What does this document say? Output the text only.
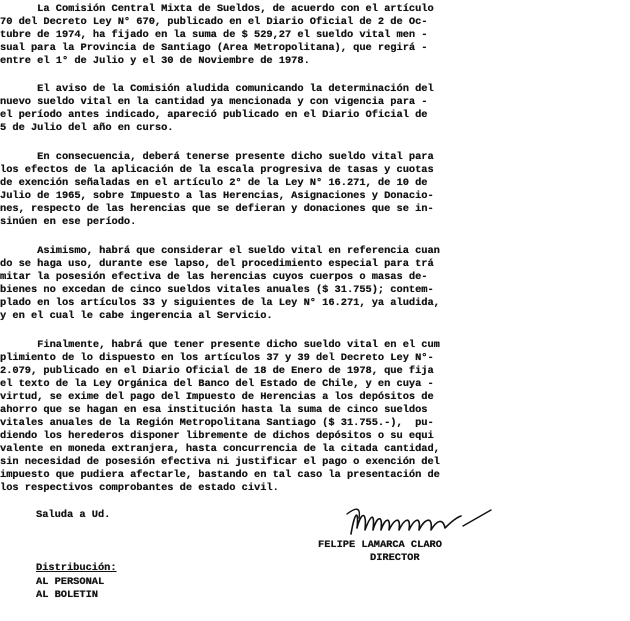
La Comisión Central Mixta de Sueldos, de acuerdo con el artículo
70 del Decreto Ley N° 670, publicado en el Diario Oficial de 2 de Oc-
tubre de 1974, ha fijado en la suma de $ 529,27 el sueldo vital men -
sual para la Provincia de Santiago (Area Metropolitana), que regirá -
entre el 1° de Julio y el 30 de Noviembre de 1978.
El aviso de la Comisión aludida comunicando la determinación del
nuevo sueldo vital en la cantidad ya mencionada y con vigencia para -
el período antes indicado, apareció publicado en el Diario Oficial de
5 de Julio del año en curso.
En consecuencia, deberá tenerse presente dicho sueldo vital para
los efectos de la aplicación de la escala progresiva de tasas y cuotas
de exención señaladas en el artículo 2° de la Ley N° 16.271, de 10 de
Julio de 1965, sobre Impuesto a las Herencias, Asignaciones y Donacio-
nes, respecto de las herencias que se defieran y donaciones que se in-
sinúen en ese período.
Asimismo, habrá que considerar el sueldo vital en referencia cuan
do se haga uso, durante ese lapso, del procedimiento especial para trá
mitar la posesión efectiva de las herencias cuyos cuerpos o masas de-
bienes no excedan de cinco sueldos vitales anuales ($ 31.755); contem-
plado en los artículos 33 y siguientes de la Ley N° 16.271, ya aludida,
y en el cual le cabe ingerencia al Servicio.
Finalmente, habrá que tener presente dicho sueldo vital en el cum
plimiento de lo dispuesto en los artículos 37 y 39 del Decreto Ley N°-
2.079, publicado en el Diario Oficial de 18 de Enero de 1978, que fija
el texto de la Ley Orgánica del Banco del Estado de Chile, y en cuya -
virtud, se exime del pago del Impuesto de Herencias a los depósitos de
ahorro que se hagan en esa institución hasta la suma de cinco sueldos
vitales anuales de la Región Metropolitana Santiago ($ 31.755.-),  pu-
diendo los herederos disponer libremente de dichos depósitos o su equi
valente en moneda extranjera, hasta concurrencia de la citada cantidad,
sin necesidad de posesión efectiva ni justificar el pago o exención del
impuesto que pudiera afectarle, bastando en tal caso la presentación de
los respectivos comprobantes de estado civil.
Saluda a Ud.
FELIPE LAMARCA CLARO
DIRECTOR
Distribución:
AL PERSONAL
AL BOLETIN
